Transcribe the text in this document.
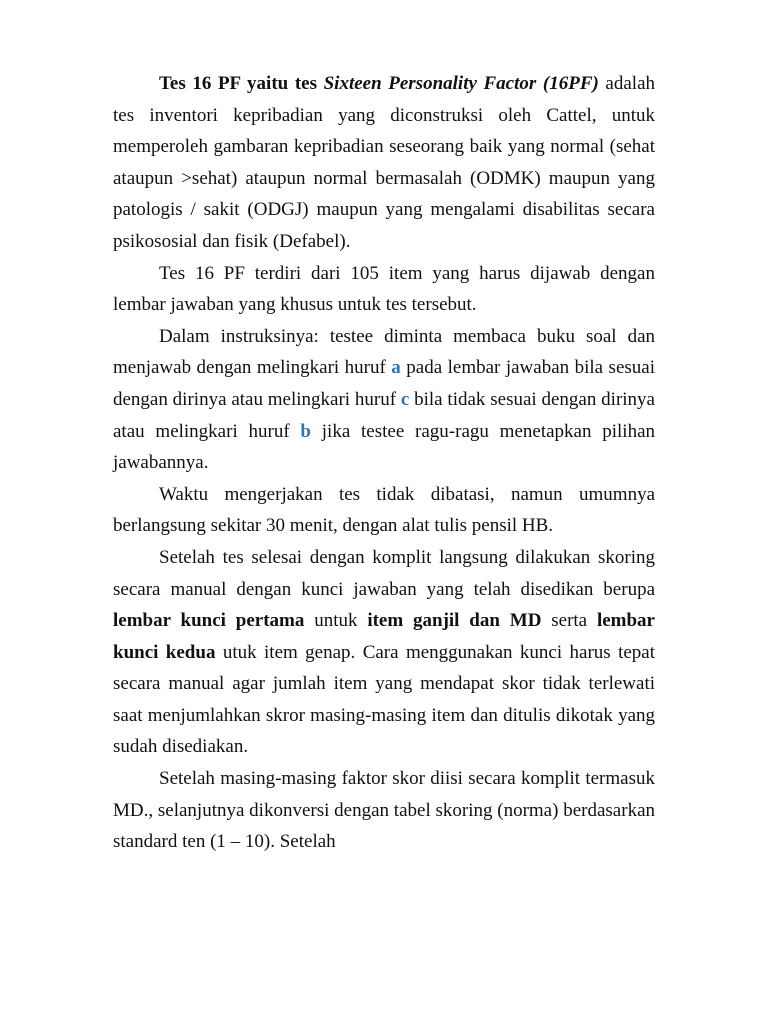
Tes 16 PF yaitu tes Sixteen Personality Factor (16PF) adalah tes inventori kepribadian yang diconstruksi oleh Cattel, untuk memperoleh gambaran kepribadian seseorang baik yang normal (sehat ataupun >sehat) ataupun normal bermasalah (ODMK) maupun yang patologis / sakit (ODGJ) maupun yang mengalami disabilitas secara psikososial dan fisik (Defabel).

Tes 16 PF terdiri dari 105 item yang harus dijawab dengan lembar jawaban yang khusus untuk tes tersebut.

Dalam instruksinya: testee diminta membaca buku soal dan menjawab dengan melingkari huruf a pada lembar jawaban bila sesuai dengan dirinya atau melingkari huruf c bila tidak sesuai dengan dirinya atau melingkari huruf b jika testee ragu-ragu menetapkan pilihan jawabannya.

Waktu mengerjakan tes tidak dibatasi, namun umumnya berlangsung sekitar 30 menit, dengan alat tulis pensil HB.

Setelah tes selesai dengan komplit langsung dilakukan skoring secara manual dengan kunci jawaban yang telah disedikan berupa lembar kunci pertama untuk item ganjil dan MD serta lembar kunci kedua utuk item genap. Cara menggunakan kunci harus tepat secara manual agar jumlah item yang mendapat skor tidak terlewati saat menjumlahkan skror masing-masing item dan ditulis dikotak yang sudah disediakan.

Setelah masing-masing faktor skor diisi secara komplit termasuk MD., selanjutnya dikonversi dengan tabel skoring (norma) berdasarkan standard ten (1 – 10). Setelah
